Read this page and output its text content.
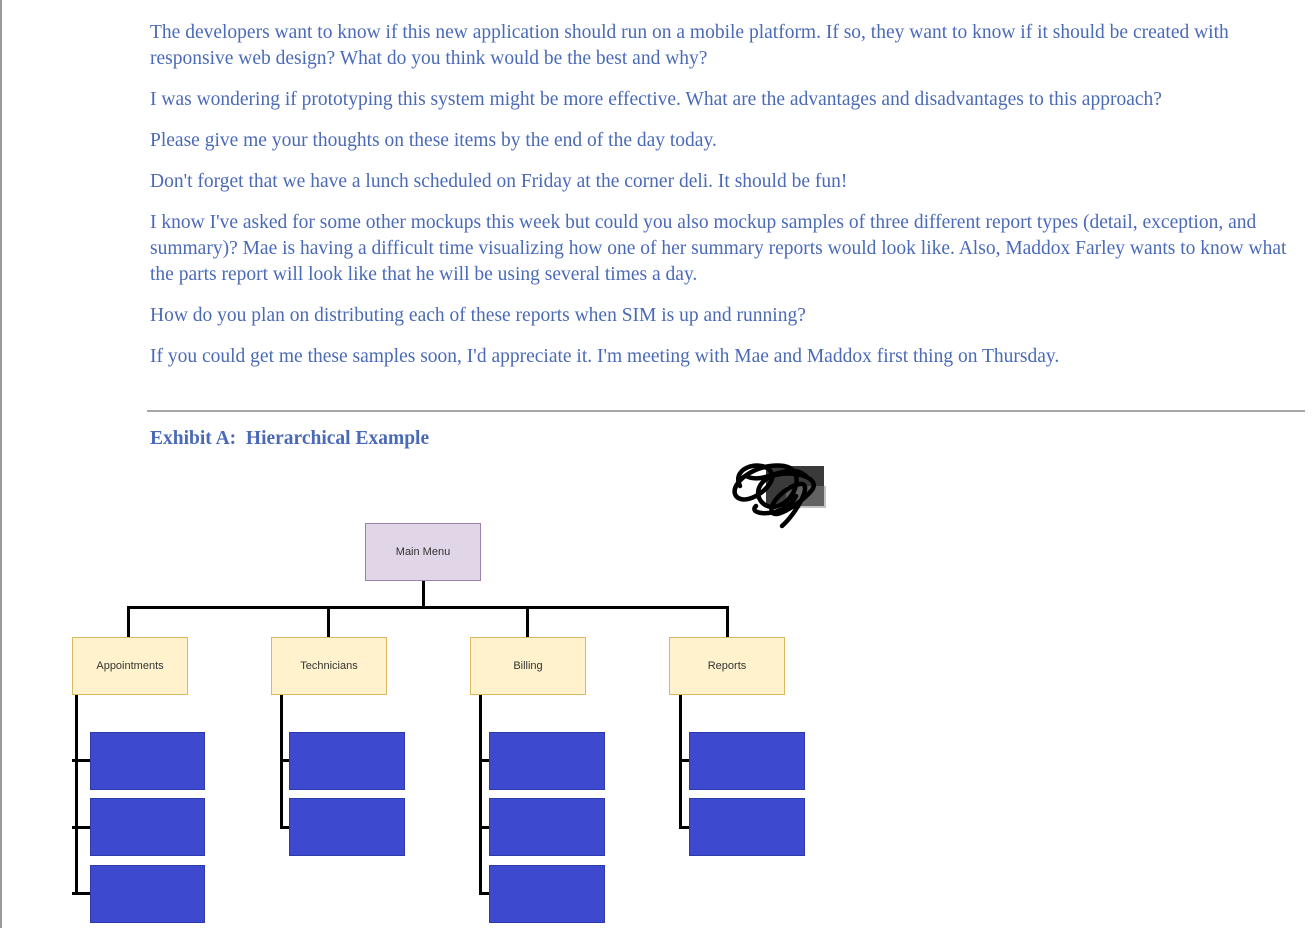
The developers want to know if this new application should run on a mobile platform. If so, they want to know if it should be created with responsive web design? What do you think would be the best and why?

I was wondering if prototyping this system might be more effective. What are the advantages and disadvantages to this approach?

Please give me your thoughts on these items by the end of the day today.

Don't forget that we have a lunch scheduled on Friday at the corner deli. It should be fun!

I know I've asked for some other mockups this week but could you also mockup samples of three different report types (detail, exception, and summary)? Mae is having a difficult time visualizing how one of her summary reports would look like. Also, Maddox Farley wants to know what the parts report will look like that he will be using several times a day.

How do you plan on distributing each of these reports when SIM is up and running?

If you could get me these samples soon, I'd appreciate it. I'm meeting with Mae and Maddox first thing on Thursday.

Exhibit A:  Hierarchical Example
Main Menu
Appointments	Technicians	Billing	Reports
